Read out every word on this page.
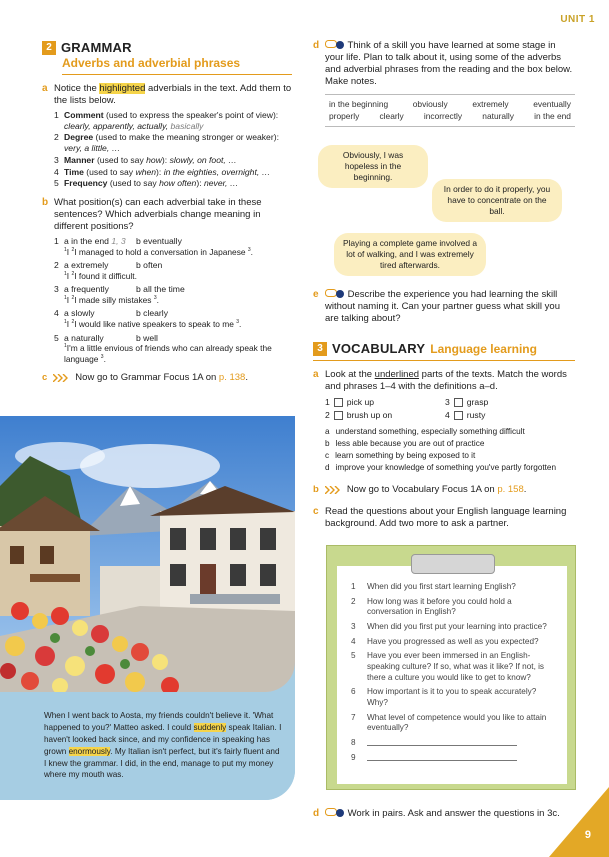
UNIT 1
2 GRAMMAR
Adverbs and adverbial phrases
a Notice the highlighted adverbials in the text. Add them to the lists below.
1 Comment (used to express the speaker's point of view):
clearly, apparently, actually, basically
2 Degree (used to make the meaning stronger or weaker):
very, a little, …
3 Manner (used to say how): slowly, on foot, …
4 Time (used to say when): in the eighties, overnight, …
5 Frequency (used to say how often): never, …
b What position(s) can each adverbial take in these sentences? Which adverbials change meaning in different positions?
1 a in the end 1, 3	b eventually
$^1$I $^2$I managed to hold a conversation in Japanese $^3$.
2 a extremely	b often
$^1$I $^2$I found it difficult.
3 a frequently	b all the time
$^1$I $^2$I made silly mistakes $^3$.
4 a slowly	b clearly
$^1$I $^2$I would like native speakers to speak to me $^3$.
5 a naturally	b well
$^1$I'm a little envious of friends who can already speak the language $^3$.
c	Now go to Grammar Focus 1A on p. 138.
When I went back to Aosta, my friends couldn't believe it. 'What happened to you?' Matteo asked. I could suddenly speak Italian. I haven't looked back since, and my confidence in speaking has grown enormously. My Italian isn't perfect, but it's fairly fluent and I knew the grammar. I did, in the end, manage to put my money where my mouth was.
d	Think of a skill you have learned at some stage in your life. Plan to talk about it, using some of the adverbs and adverbial phrases from the reading and the box below. Make notes.
in the beginning	obviously	extremely	eventually
properly clearly incorrectly naturally in the end
Obviously, I was hopeless in the beginning.
In order to do it properly, you have to concentrate on the ball.
Playing a complete game involved a lot of walking, and I was extremely tired afterwards.
e	Describe the experience you had learning the skill without naming it. Can your partner guess what skill you are talking about?
3 VOCABULARY Language learning
a Look at the underlined parts of the texts. Match the words and phrases 1–4 with the definitions a–d.
1 pick up	3 grasp
2 brush up on	4 rusty
a understand something, especially something difficult
b less able because you are out of practice
c learn something by being exposed to it
d improve your knowledge of something you've partly forgotten
b	Now go to Vocabulary Focus 1A on p. 158.
c Read the questions about your English language learning background. Add two more to ask a partner.
1	When did you first start learning English?
2	How long was it before you could hold a conversation in English?
3	When did you first put your learning into practice?
4	Have you progressed as well as you expected?
5	Have you ever been immersed in an English-speaking culture? If so, what was it like? If not, is there a culture you would like to get to know?
6	How important is it to you to speak accurately? Why?
7	What level of competence would you like to attain eventually?
8
9
d	Work in pairs. Ask and answer the questions in 3c.
9
